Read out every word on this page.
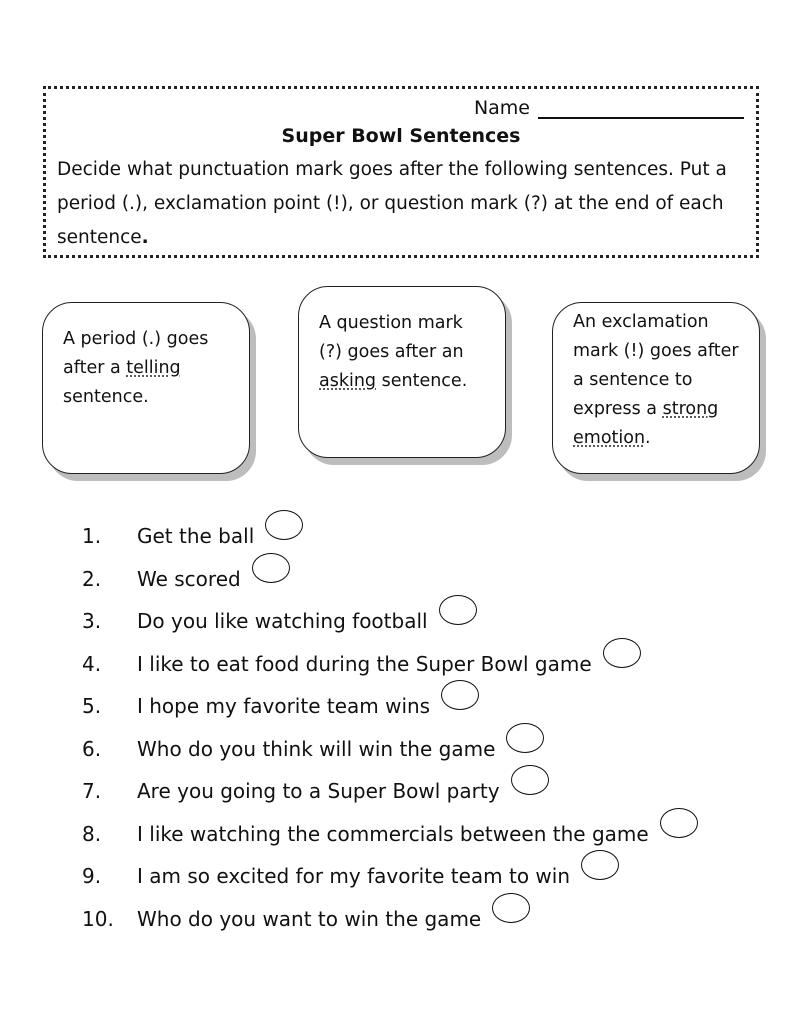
Name
Super Bowl Sentences
Decide what punctuation mark goes after the following sentences. Put a period (.), exclamation point (!), or question mark (?) at the end of each sentence.
A period (.) goes after a telling sentence.
A question mark (?) goes after an asking sentence.
An exclamation mark (!) goes after a sentence to express a strong emotion.
1.	Get the ball
2.	We scored
3.	Do you like watching football
4.	I like to eat food during the Super Bowl game
5.	I hope my favorite team wins
6.	Who do you think will win the game
7.	Are you going to a Super Bowl party
8.	I like watching the commercials between the game
9.	I am so excited for my favorite team to win
10.	Who do you want to win the game
